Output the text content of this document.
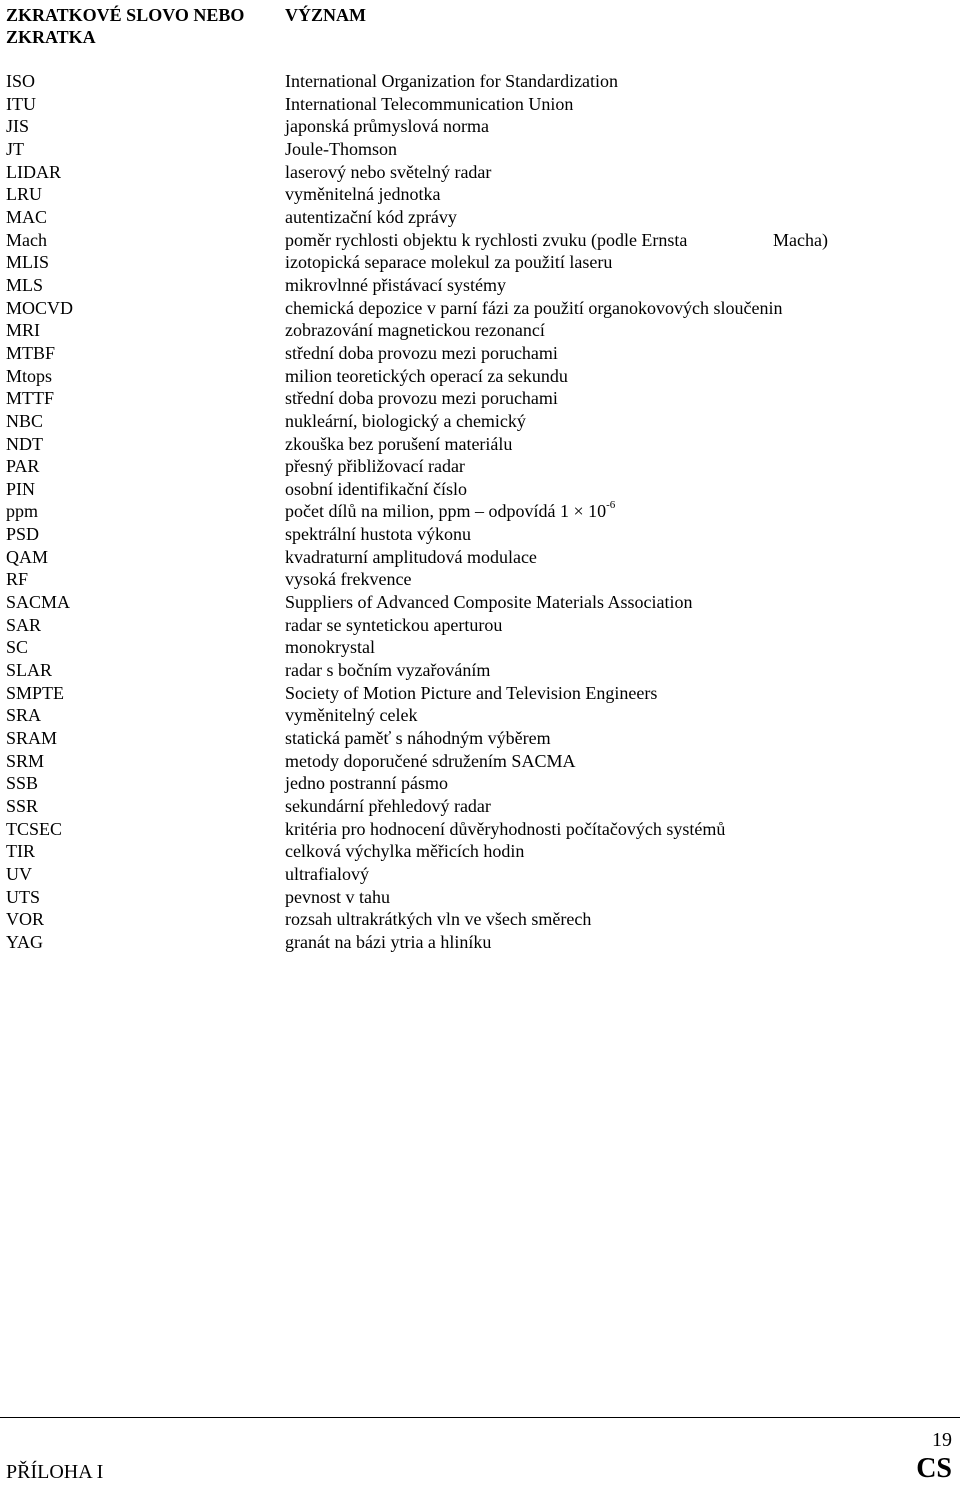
ZKRATKOVÉ SLOVO NEBO ZKRATKA
VÝZNAM
ISO	International Organization for Standardization
ITU	International Telecommunication Union
JIS	japonská průmyslová norma
JT	Joule-Thomson
LIDAR	laserový nebo světelný radar
LRU	vyměnitelná jednotka
MAC	autentizační kód zprávy
Mach	poměr rychlosti objektu k rychlosti zvuku (podle Ernsta	Macha)
MLIS	izotopická separace molekul za použití laseru
MLS	mikrovlnné přistávací systémy
MOCVD	chemická depozice v parní fázi za použití organokovových sloučenin
MRI	zobrazování magnetickou rezonancí
MTBF	střední doba provozu mezi poruchami
Mtops	milion teoretických operací za sekundu
MTTF	střední doba provozu mezi poruchami
NBC	nukleární, biologický a chemický
NDT	zkouška bez porušení materiálu
PAR	přesný přibližovací radar
PIN	osobní identifikační číslo
ppm	počet dílů na milion, ppm – odpovídá $1 \times 10^{-6}$
PSD	spektrální hustota výkonu
QAM	kvadraturní amplitudová modulace
RF	vysoká frekvence
SACMA	Suppliers of Advanced Composite Materials Association
SAR	radar se syntetickou aperturou
SC	monokrystal
SLAR	radar s bočním vyzařováním
SMPTE	Society of Motion Picture and Television Engineers
SRA	vyměnitelný celek
SRAM	statická paměť s náhodným výběrem
SRM	metody doporučené sdružením SACMA
SSB	jedno postranní pásmo
SSR	sekundární přehledový radar
TCSEC	kritéria pro hodnocení důvěryhodnosti počítačových systémů
TIR	celková výchylka měřicích hodin
UV	ultrafialový
UTS	pevnost v tahu
VOR	rozsah ultrakrátkých vln ve všech směrech
YAG	granát na bázi ytria a hliníku
PŘÍLOHA I
19
CS
